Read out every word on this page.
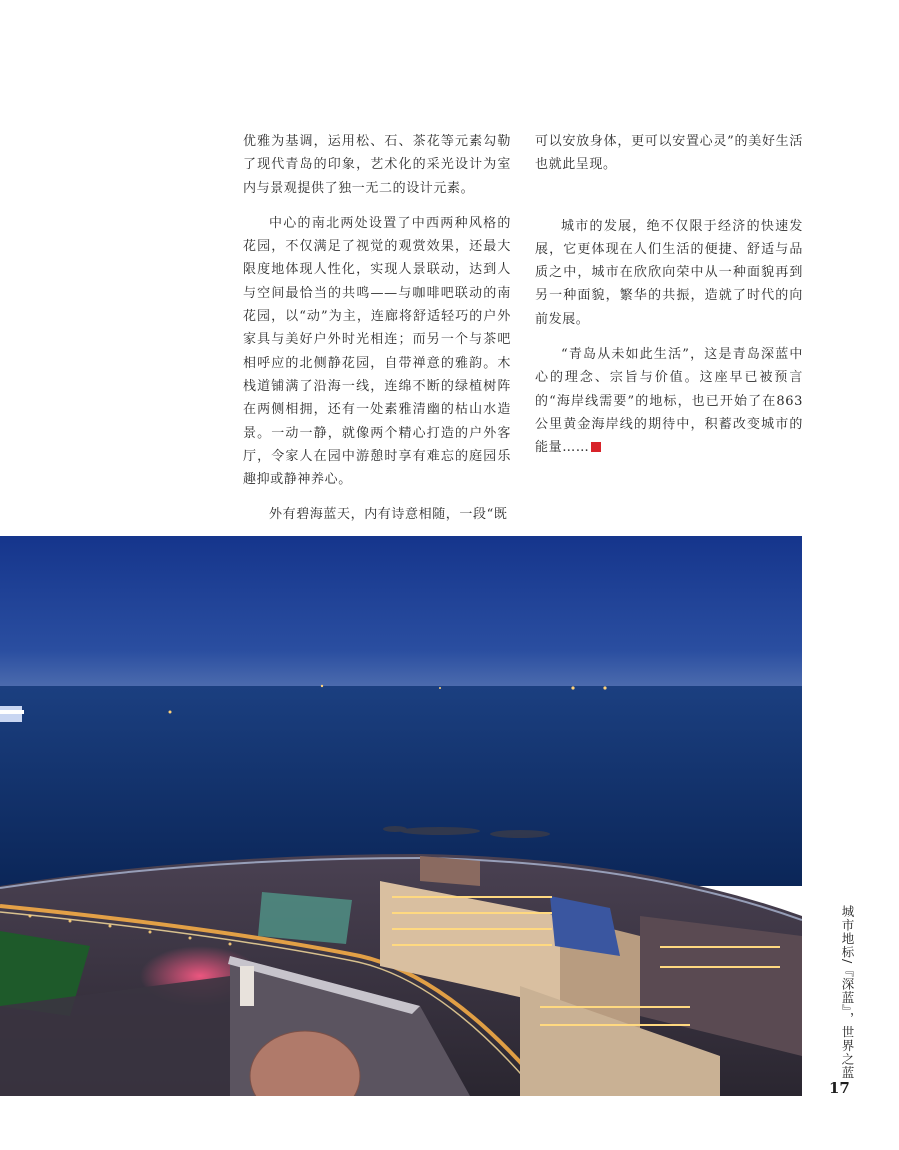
优雅为基调，运用松、石、茶花等元素勾勒了现代青岛的印象，艺术化的采光设计为室内与景观提供了独一无二的设计元素。

中心的南北两处设置了中西两种风格的花园，不仅满足了视觉的观赏效果，还最大限度地体现人性化，实现人景联动，达到人与空间最恰当的共鸣——与咖啡吧联动的南花园，以“动”为主，连廊将舒适轻巧的户外家具与美好户外时光相连；而另一个与茶吧相呼应的北侧静花园，自带禅意的雅韵。木栈道铺满了沿海一线，连绵不断的绿植树阵在两侧相拥，还有一处素雅清幽的枯山水造景。一动一静，就像两个精心打造的户外客厅，令家人在园中游憩时享有难忘的庭园乐趣抑或静神养心。

外有碧海蓝天，内有诗意相随，一段“既

可以安放身体，更可以安置心灵”的美好生活也就此呈现。

城市的发展，绝不仅限于经济的快速发展，它更体现在人们生活的便捷、舒适与品质之中，城市在欣欣向荣中从一种面貌再到另一种面貌，繁华的共振，造就了时代的向前发展。

“青岛从未如此生活”，这是青岛深蓝中心的理念、宗旨与价值。这座早已被预言的“海岸线需要”的地标，也已开始了在863公里黄金海岸线的期待中，积蓄改变城市的能量……

城市地标/『深蓝』，世界之蓝
17
